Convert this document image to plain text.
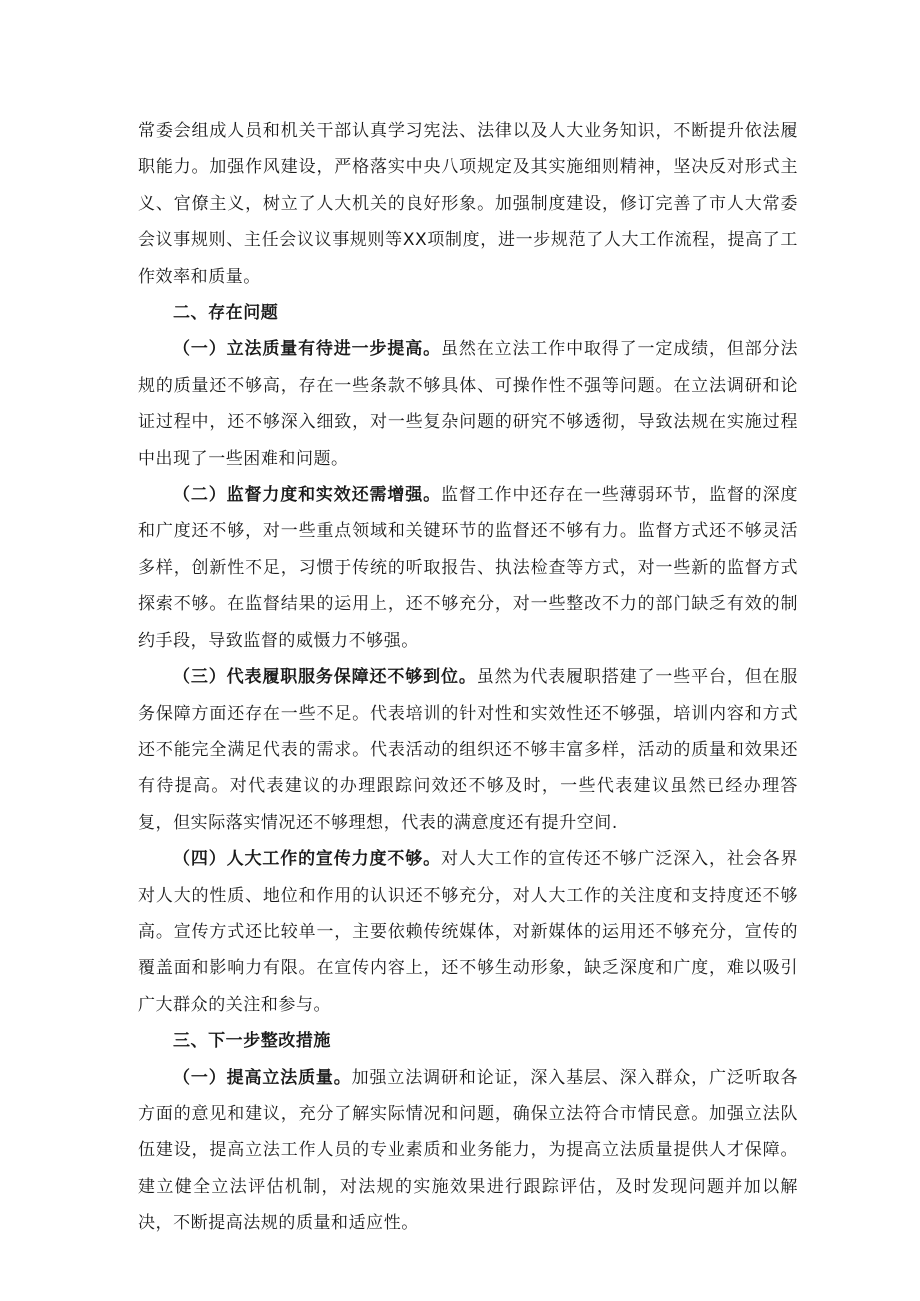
常委会组成人员和机关干部认真学习宪法、法律以及人大业务知识，不断提升依法履职能力。加强作风建设，严格落实中央八项规定及其实施细则精神，坚决反对形式主义、官僚主义，树立了人大机关的良好形象。加强制度建设，修订完善了市人大常委会议事规则、主任会议议事规则等XX项制度，进一步规范了人大工作流程，提高了工作效率和质量。

二、存在问题

（一）立法质量有待进一步提高。虽然在立法工作中取得了一定成绩，但部分法规的质量还不够高，存在一些条款不够具体、可操作性不强等问题。在立法调研和论证过程中，还不够深入细致，对一些复杂问题的研究不够透彻，导致法规在实施过程中出现了一些困难和问题。

（二）监督力度和实效还需增强。监督工作中还存在一些薄弱环节，监督的深度和广度还不够，对一些重点领域和关键环节的监督还不够有力。监督方式还不够灵活多样，创新性不足，习惯于传统的听取报告、执法检查等方式，对一些新的监督方式探索不够。在监督结果的运用上，还不够充分，对一些整改不力的部门缺乏有效的制约手段，导致监督的威慑力不够强。

（三）代表履职服务保障还不够到位。虽然为代表履职搭建了一些平台，但在服务保障方面还存在一些不足。代表培训的针对性和实效性还不够强，培训内容和方式还不能完全满足代表的需求。代表活动的组织还不够丰富多样，活动的质量和效果还有待提高。对代表建议的办理跟踪问效还不够及时，一些代表建议虽然已经办理答复，但实际落实情况还不够理想，代表的满意度还有提升空间.

（四）人大工作的宣传力度不够。对人大工作的宣传还不够广泛深入，社会各界对人大的性质、地位和作用的认识还不够充分，对人大工作的关注度和支持度还不够高。宣传方式还比较单一，主要依赖传统媒体，对新媒体的运用还不够充分，宣传的覆盖面和影响力有限。在宣传内容上，还不够生动形象，缺乏深度和广度，难以吸引广大群众的关注和参与。

三、下一步整改措施

（一）提高立法质量。加强立法调研和论证，深入基层、深入群众，广泛听取各方面的意见和建议，充分了解实际情况和问题，确保立法符合市情民意。加强立法队伍建设，提高立法工作人员的专业素质和业务能力，为提高立法质量提供人才保障。建立健全立法评估机制，对法规的实施效果进行跟踪评估，及时发现问题并加以解决，不断提高法规的质量和适应性。
